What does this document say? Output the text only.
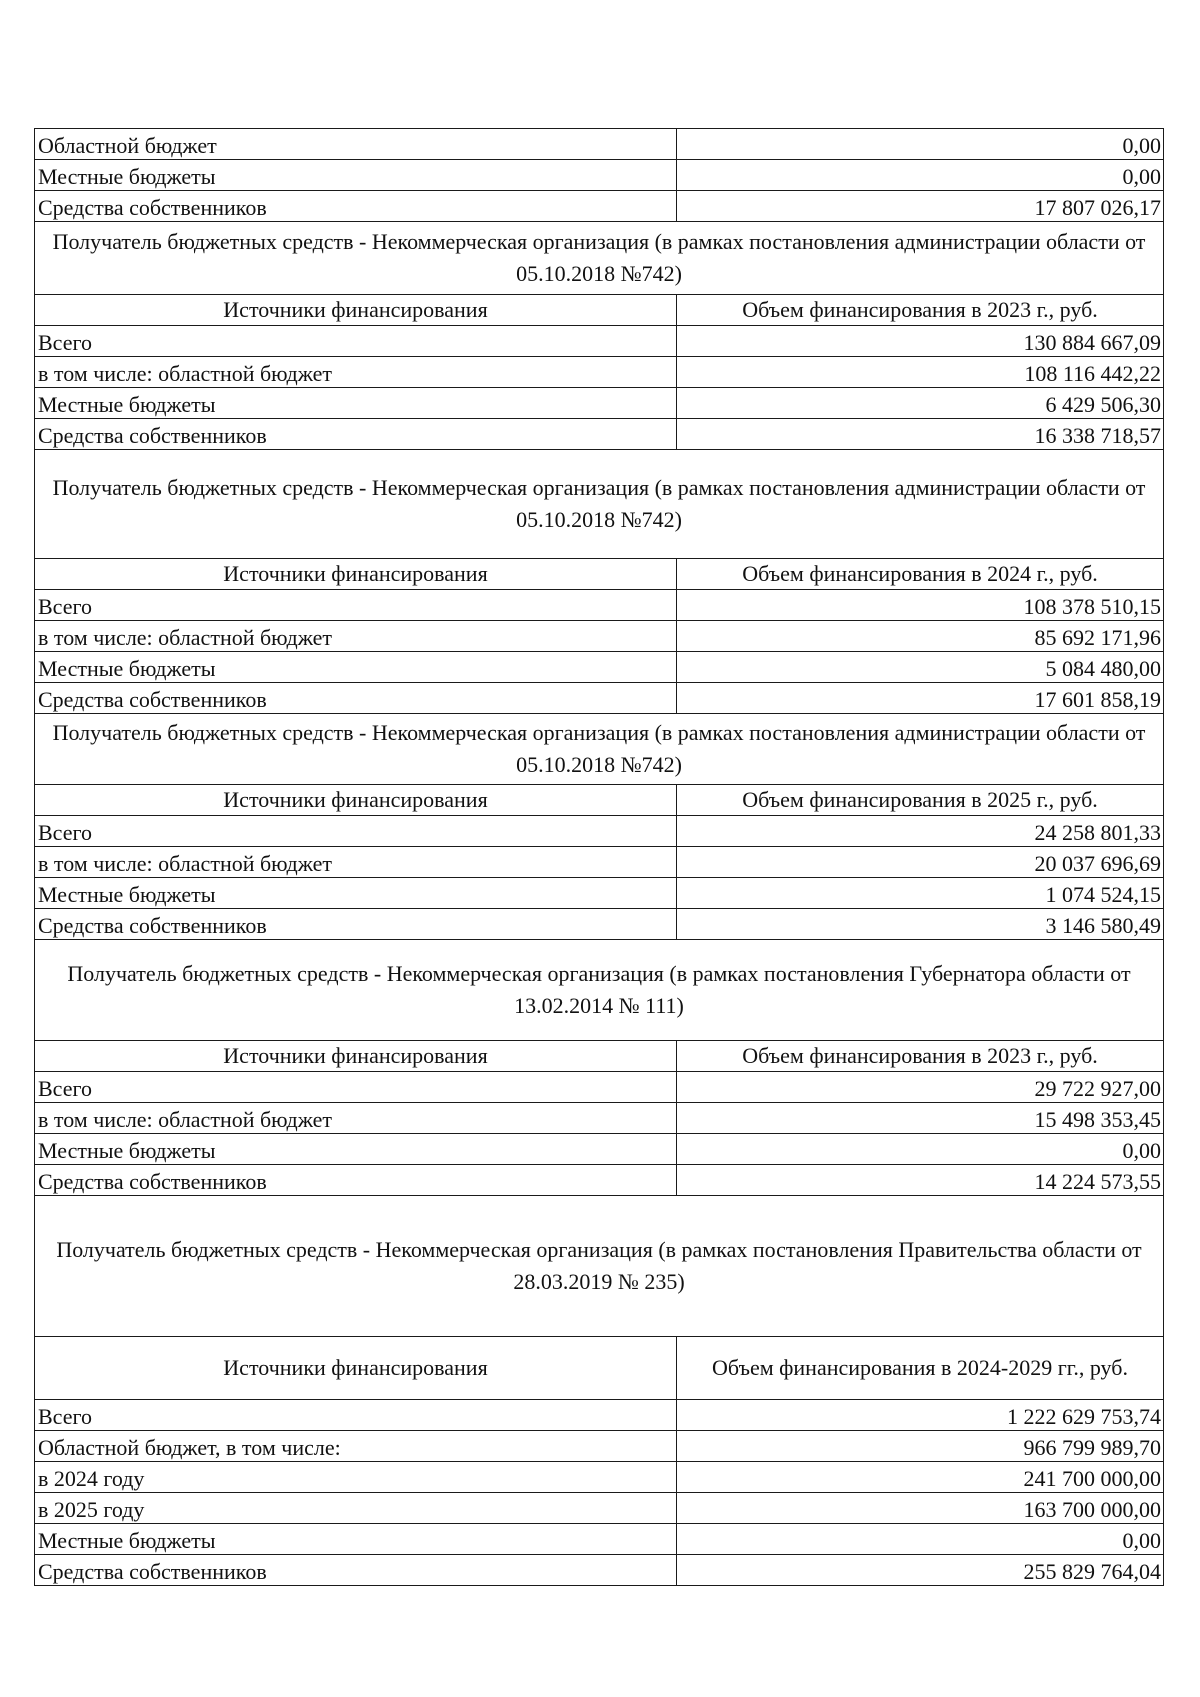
Областной бюджет	0,00
Местные бюджеты	0,00
Средства собственников	17 807 026,17
Получатель бюджетных средств - Некоммерческая организация (в рамках постановления администрации области от 05.10.2018 №742)	
Источники финансирования	Объем финансирования в 2023 г., руб.
Всего	130 884 667,09
в том числе: областной бюджет	108 116 442,22
Местные бюджеты	6 429 506,30
Средства собственников	16 338 718,57
Получатель бюджетных средств - Некоммерческая организация (в рамках постановления администрации области от 05.10.2018 №742)	
Источники финансирования	Объем финансирования в 2024 г., руб.
Всего	108 378 510,15
в том числе: областной бюджет	85 692 171,96
Местные бюджеты	5 084 480,00
Средства собственников	17 601 858,19
Получатель бюджетных средств - Некоммерческая организация (в рамках постановления администрации области от 05.10.2018 №742)	
Источники финансирования	Объем финансирования в 2025 г., руб.
Всего	24 258 801,33
в том числе: областной бюджет	20 037 696,69
Местные бюджеты	1 074 524,15
Средства собственников	3 146 580,49
Получатель бюджетных средств - Некоммерческая организация (в рамках постановления Губернатора области от 13.02.2014 № 111)	
Источники финансирования	Объем финансирования в 2023 г., руб.
Всего	29 722 927,00
в том числе: областной бюджет	15 498 353,45
Местные бюджеты	0,00
Средства собственников	14 224 573,55
Получатель бюджетных средств - Некоммерческая организация (в рамках постановления Правительства области от 28.03.2019 № 235)	
Источники финансирования	Объем финансирования в 2024-2029 гг., руб.
Всего	1 222 629 753,74
Областной бюджет, в том числе:	966 799 989,70
в 2024 году	241 700 000,00
в 2025 году	163 700 000,00
Местные бюджеты	0,00
Средства собственников	255 829 764,04
